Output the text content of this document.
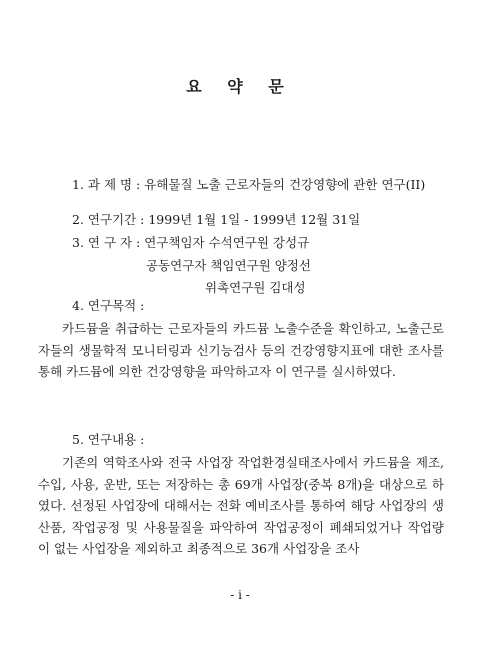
요 약 문
1. 과 제 명 : 유해물질 노출 근로자들의 건강영향에 관한 연구(II)
2. 연구기간 : 1999년 1월 1일 - 1999년 12월 31일
3. 연 구 자 : 연구책임자 수석연구원 강성규
공동연구자 책임연구원 양정선
위촉연구원 김대성
4. 연구목적 :
카드뮴을 취급하는 근로자들의 카드뮴 노출수준을 확인하고, 노출근로자들의 생물학적 모니터링과 신기능검사 등의 건강영향지표에 대한 조사를 통해 카드뮴에 의한 건강영향을 파악하고자 이 연구를 실시하였다.
5. 연구내용 :
기존의 역학조사와 전국 사업장 작업환경실태조사에서 카드뮴을 제조, 수입, 사용, 운반, 또는 저장하는 총 69개 사업장(중복 8개)을 대상으로 하였다. 선정된 사업장에 대해서는 전화 예비조사를 통하여 해당 사업장의 생산품, 작업공정 및 사용물질을 파악하여 작업공정이 폐쇄되었거나 작업량이 없는 사업장을 제외하고 최종적으로 36개 사업장을 조사
- i -
